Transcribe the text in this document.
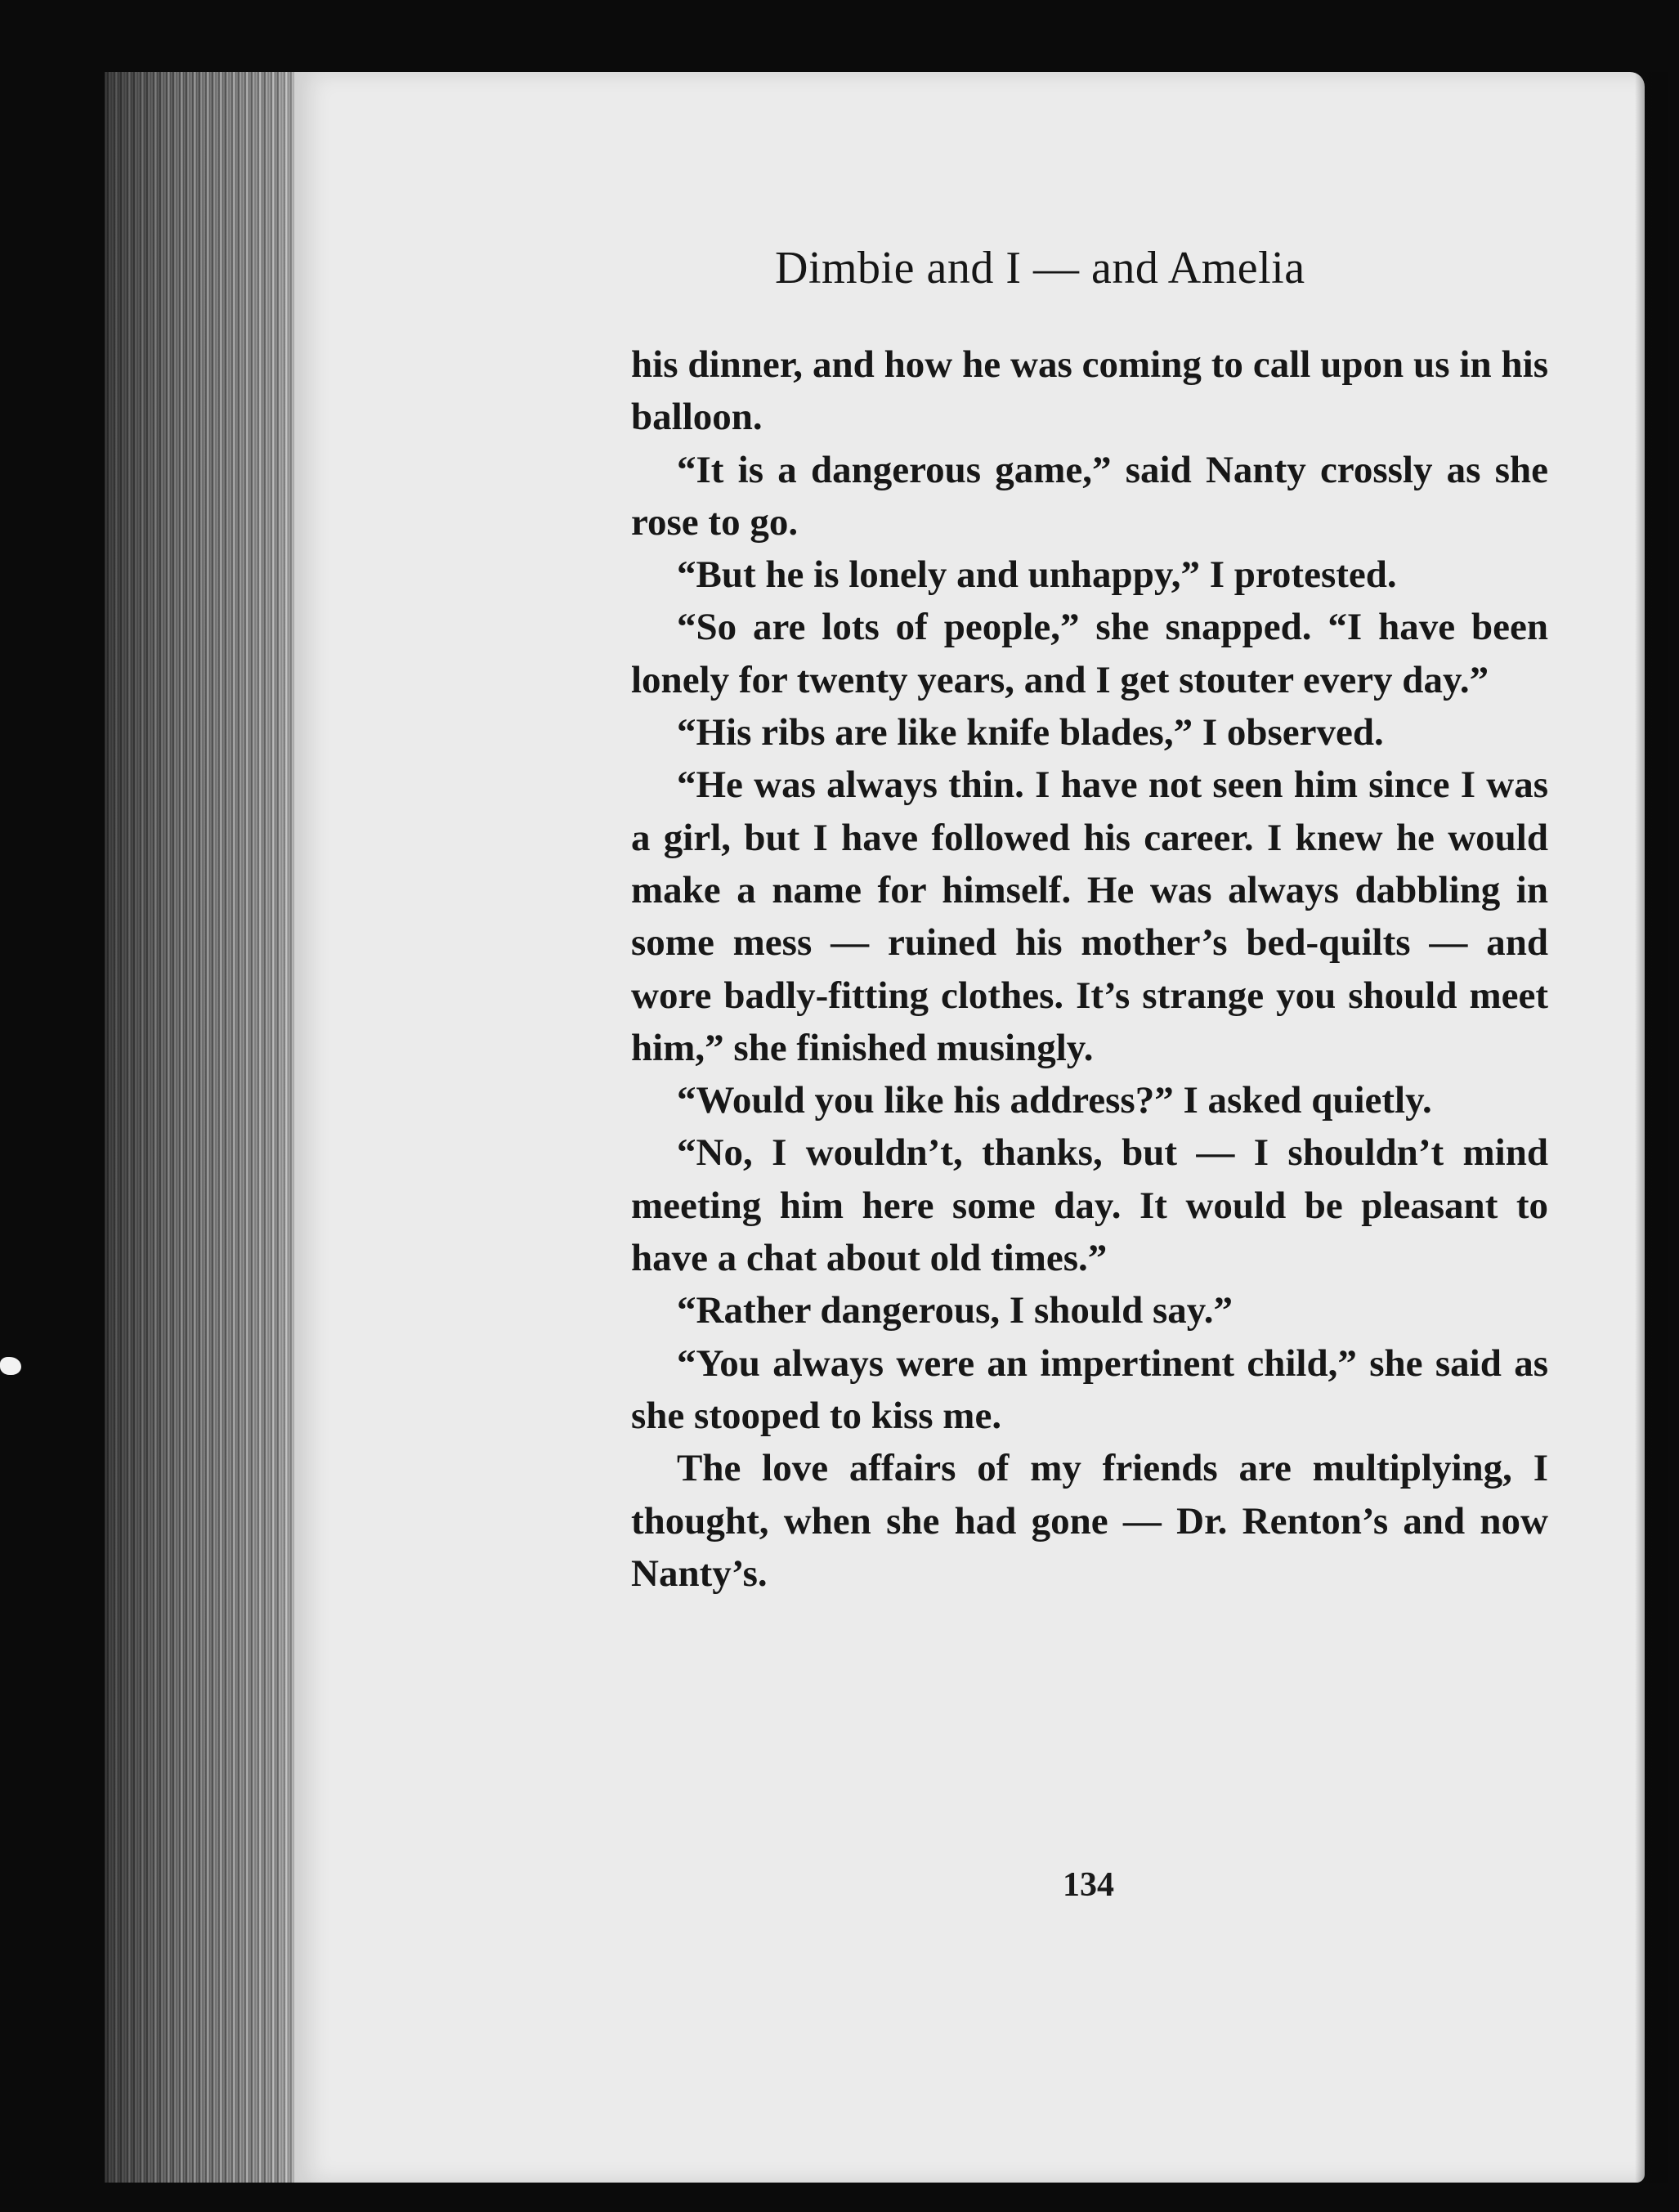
Dimbie and I — and Amelia

his dinner, and how he was coming to call upon us in his balloon.

“It is a dangerous game,” said Nanty crossly as she rose to go.

“But he is lonely and unhappy,” I protested.

“So are lots of people,” she snapped. “I have been lonely for twenty years, and I get stouter every day.”

“His ribs are like knife blades,” I observed.

“He was always thin. I have not seen him since I was a girl, but I have followed his career. I knew he would make a name for himself. He was always dabbling in some mess — ruined his mother’s bed-quilts — and wore badly-fitting clothes. It’s strange you should meet him,” she finished musingly.

“Would you like his address?” I asked quietly.

“No, I wouldn’t, thanks, but — I shouldn’t mind meeting him here some day. It would be pleasant to have a chat about old times.”

“Rather dangerous, I should say.”

“You always were an impertinent child,” she said as she stooped to kiss me.

The love affairs of my friends are multiplying, I thought, when she had gone — Dr. Renton’s and now Nanty’s.

134
